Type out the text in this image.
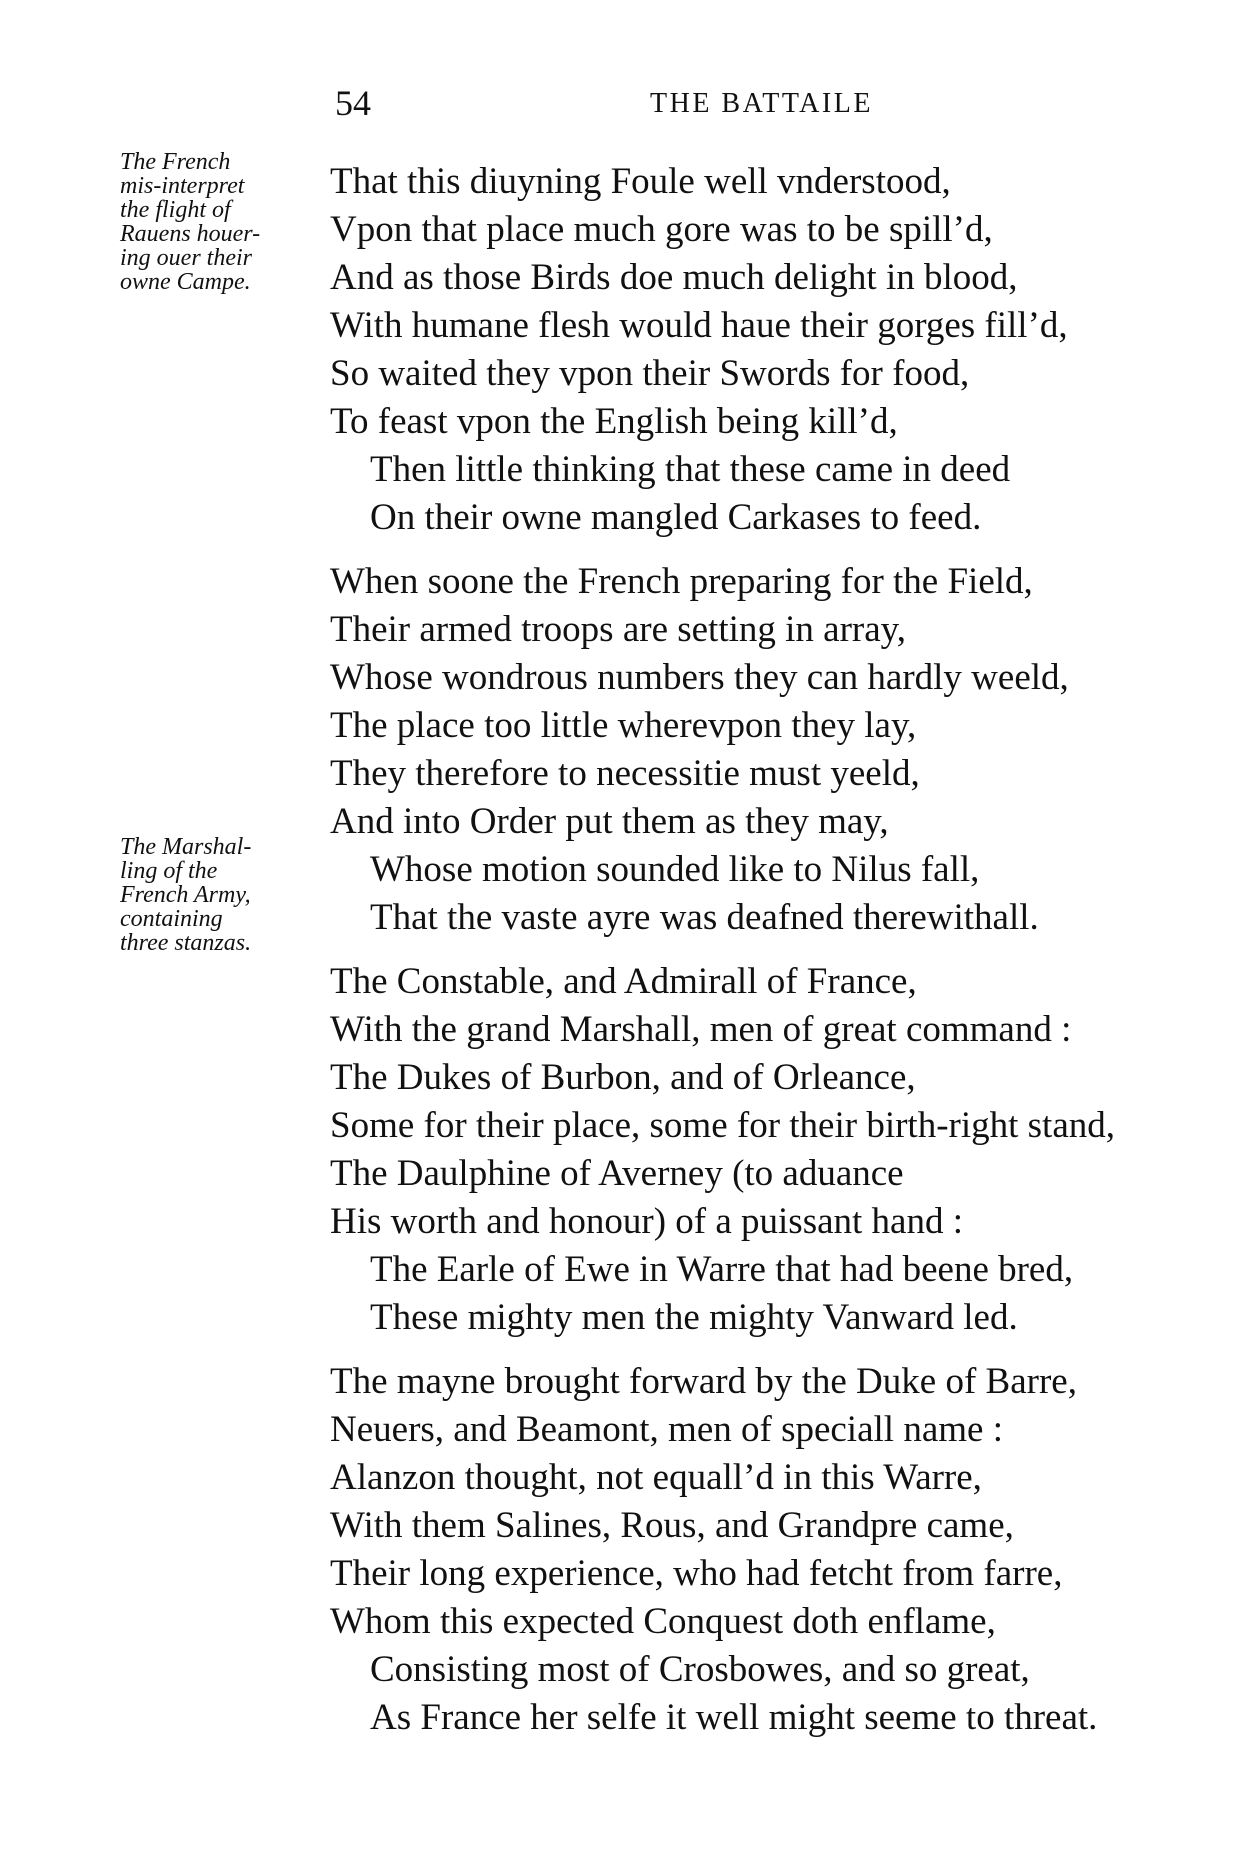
54	THE BATTAILE
The French
mis-interpret
the flight of
Rauens houer-
ing ouer their
owne Campe.
The Marshal-
ling of the
French Army,
containing
three stanzas.
That this diuyning Foule well vnderstood,
Vpon that place much gore was to be spill’d,
And as those Birds doe much delight in blood,
With humane flesh would haue their gorges fill’d,
So waited they vpon their Swords for food,
To feast vpon the English being kill’d,
Then little thinking that these came in deed
On their owne mangled Carkases to feed.
When soone the French preparing for the Field,
Their armed troops are setting in array,
Whose wondrous numbers they can hardly weeld,
The place too little wherevpon they lay,
They therefore to necessitie must yeeld,
And into Order put them as they may,
Whose motion sounded like to Nilus fall,
That the vaste ayre was deafned therewithall.
The Constable, and Admirall of France,
With the grand Marshall, men of great command :
The Dukes of Burbon, and of Orleance,
Some for their place, some for their birth-right stand,
The Daulphine of Averney (to aduance
His worth and honour) of a puissant hand :
The Earle of Ewe in Warre that had beene bred,
These mighty men the mighty Vanward led.
The mayne brought forward by the Duke of Barre,
Neuers, and Beamont, men of speciall name :
Alanzon thought, not equall’d in this Warre,
With them Salines, Rous, and Grandpre came,
Their long experience, who had fetcht from farre,
Whom this expected Conquest doth enflame,
Consisting most of Crosbowes, and so great,
As France her selfe it well might seeme to threat.
